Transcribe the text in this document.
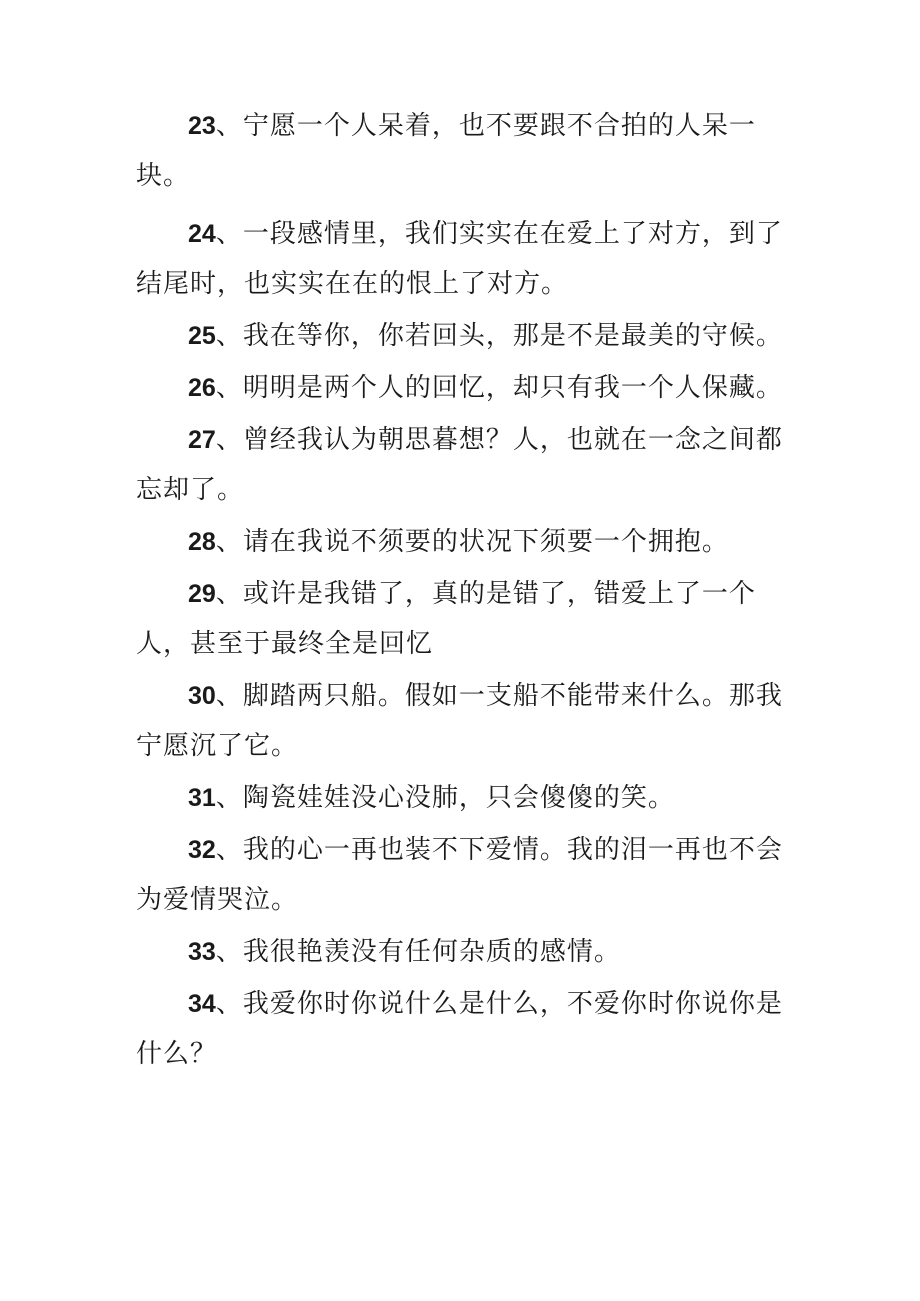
23、宁愿一个人呆着，也不要跟不合拍的人呆一块。

24、一段感情里，我们实实在在爱上了对方，到了结尾时，也实实在在的恨上了对方。

25、我在等你，你若回头，那是不是最美的守候。

26、明明是两个人的回忆，却只有我一个人保藏。

27、曾经我认为朝思暮想？人，也就在一念之间都忘却了。

28、请在我说不须要的状况下须要一个拥抱。

29、或许是我错了，真的是错了，错爱上了一个人，甚至于最终全是回忆

30、脚踏两只船。假如一支船不能带来什么。那我宁愿沉了它。

31、陶瓷娃娃没心没肺，只会傻傻的笑。

32、我的心一再也装不下爱情。我的泪一再也不会为爱情哭泣。

33、我很艳羡没有任何杂质的感情。

34、我爱你时你说什么是什么，不爱你时你说你是什么？
